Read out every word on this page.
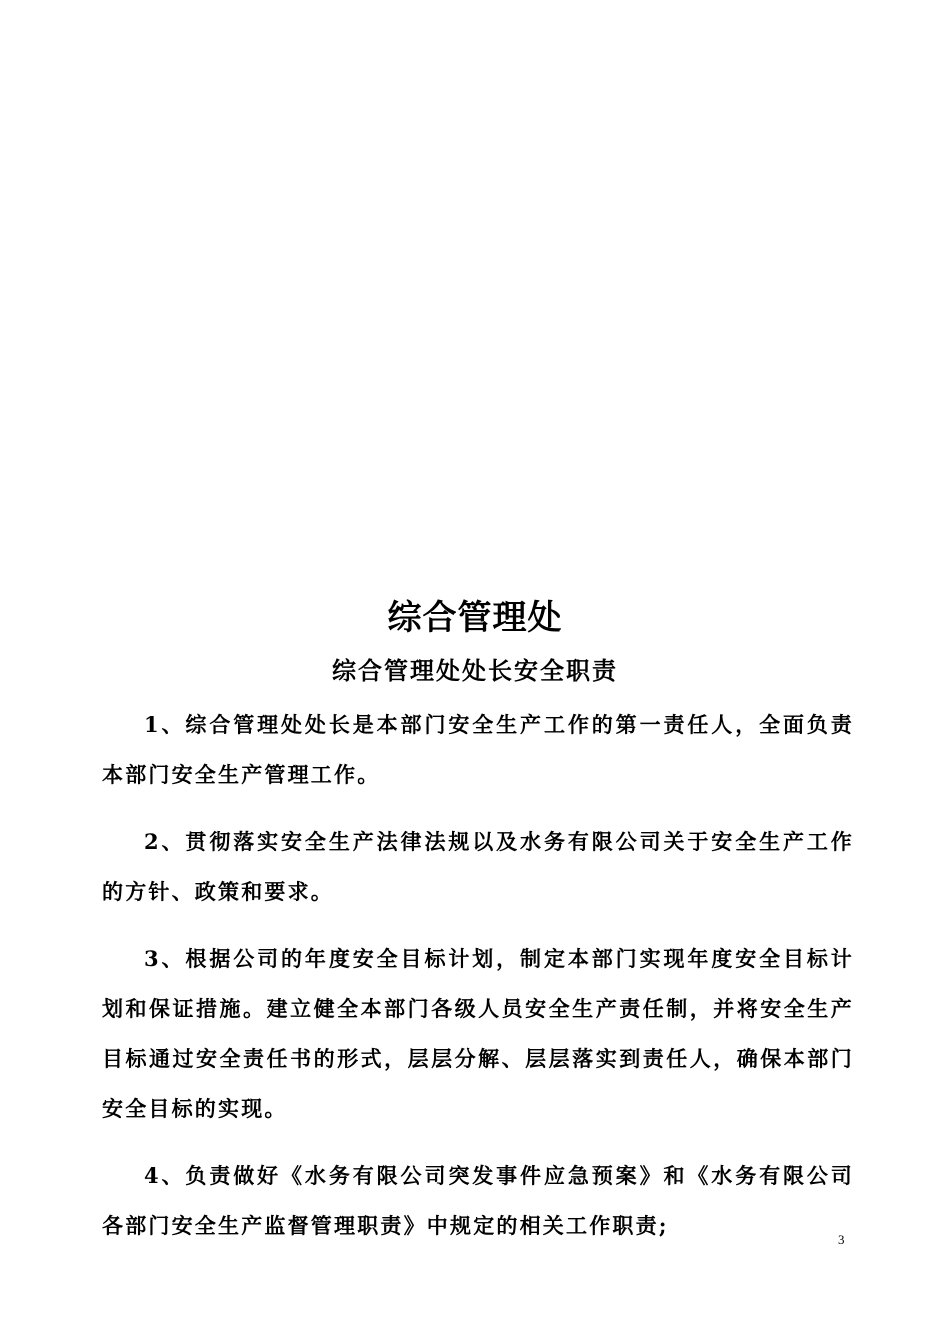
综合管理处
综合管理处处长安全职责

1、综合管理处处长是本部门安全生产工作的第一责任人，全面负责本部门安全生产管理工作。

2、贯彻落实安全生产法律法规以及水务有限公司关于安全生产工作的方针、政策和要求。

3、根据公司的年度安全目标计划，制定本部门实现年度安全目标计划和保证措施。建立健全本部门各级人员安全生产责任制，并将安全生产目标通过安全责任书的形式，层层分解、层层落实到责任人，确保本部门安全目标的实现。

4、负责做好《水务有限公司突发事件应急预案》和《水务有限公司各部门安全生产监督管理职责》中规定的相关工作职责;

3
